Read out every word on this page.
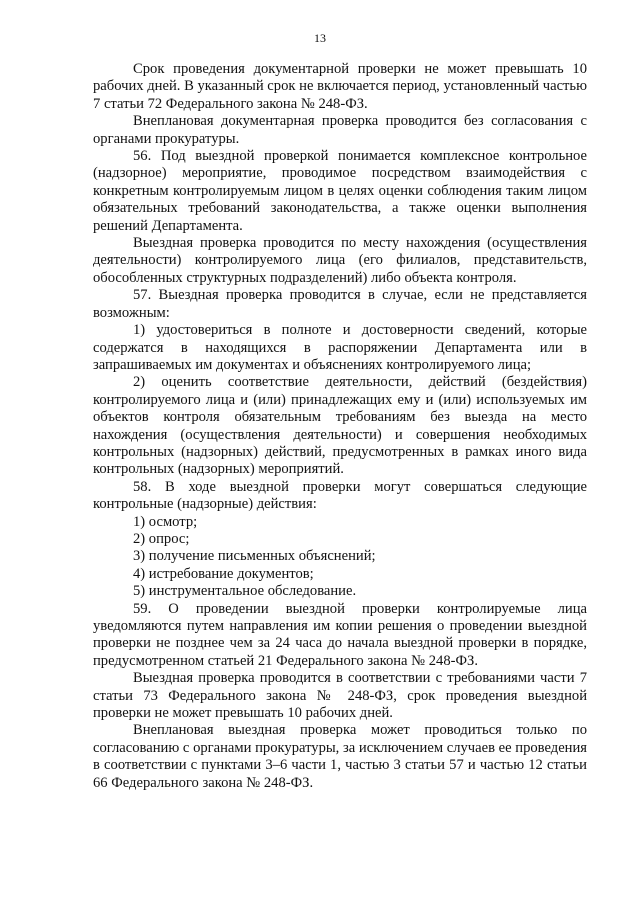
13

Срок проведения документарной проверки не может превышать 10 рабочих дней. В указанный срок не включается период, установленный частью 7 статьи 72 Федерального закона № 248-ФЗ.

Внеплановая документарная проверка проводится без согласования с органами прокуратуры.

56. Под выездной проверкой понимается комплексное контрольное (надзорное) мероприятие, проводимое посредством взаимодействия с конкретным контролируемым лицом в целях оценки соблюдения таким лицом обязательных требований законодательства, а также оценки выполнения решений Департамента.

Выездная проверка проводится по месту нахождения (осуществления деятельности) контролируемого лица (его филиалов, представительств, обособленных структурных подразделений) либо объекта контроля.

57. Выездная проверка проводится в случае, если не представляется возможным:

1) удостовериться в полноте и достоверности сведений, которые содержатся в находящихся в распоряжении Департамента или в запрашиваемых им документах и объяснениях контролируемого лица;

2) оценить соответствие деятельности, действий (бездействия) контролируемого лица и (или) принадлежащих ему и (или) используемых им объектов контроля обязательным требованиям без выезда на место нахождения (осуществления деятельности) и совершения необходимых контрольных (надзорных) действий, предусмотренных в рамках иного вида контрольных (надзорных) мероприятий.

58. В ходе выездной проверки могут совершаться следующие контрольные (надзорные) действия:

1) осмотр;

2) опрос;

3) получение письменных объяснений;

4) истребование документов;

5) инструментальное обследование.

59. О проведении выездной проверки контролируемые лица уведомляются путем направления им копии решения о проведении выездной проверки не позднее чем за 24 часа до начала выездной проверки в порядке, предусмотренном статьей 21 Федерального закона № 248-ФЗ.

Выездная проверка проводится в соответствии с требованиями части 7 статьи 73 Федерального закона № 248-ФЗ, срок проведения выездной проверки не может превышать 10 рабочих дней.

Внеплановая выездная проверка может проводиться только по согласованию с органами прокуратуры, за исключением случаев ее проведения в соответствии с пунктами 3–6 части 1, частью 3 статьи 57 и частью 12 статьи 66 Федерального закона № 248-ФЗ.
